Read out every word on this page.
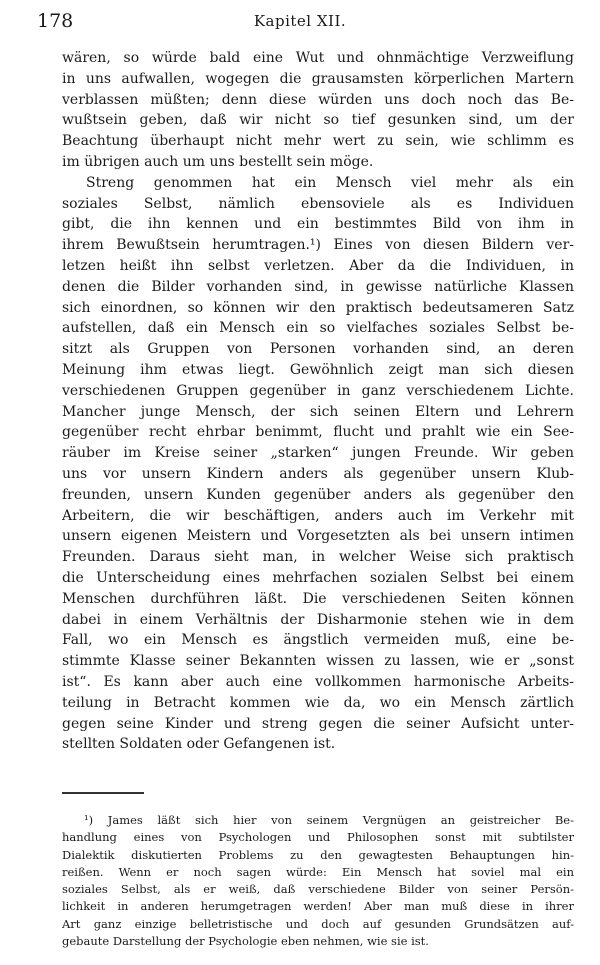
178	Kapitel XII.
wären, so würde bald eine Wut und ohnmächtige Verzweiflung
in uns aufwallen, wogegen die grausamsten körperlichen Martern
verblassen müßten; denn diese würden uns doch noch das Be-
wußtsein geben, daß wir nicht so tief gesunken sind, um der
Beachtung überhaupt nicht mehr wert zu sein, wie schlimm es
im übrigen auch um uns bestellt sein möge.
Streng genommen hat ein Mensch viel mehr als ein
soziales Selbst, nämlich ebensoviele als es Individuen
gibt, die ihn kennen und ein bestimmtes Bild von ihm in
ihrem Bewußtsein herumtragen.¹) Eines von diesen Bildern ver-
letzen heißt ihn selbst verletzen. Aber da die Individuen, in
denen die Bilder vorhanden sind, in gewisse natürliche Klassen
sich einordnen, so können wir den praktisch bedeutsameren Satz
aufstellen, daß ein Mensch ein so vielfaches soziales Selbst be-
sitzt als Gruppen von Personen vorhanden sind, an deren
Meinung ihm etwas liegt. Gewöhnlich zeigt man sich diesen
verschiedenen Gruppen gegenüber in ganz verschiedenem Lichte.
Mancher junge Mensch, der sich seinen Eltern und Lehrern
gegenüber recht ehrbar benimmt, flucht und prahlt wie ein See-
räuber im Kreise seiner „starken“ jungen Freunde. Wir geben
uns vor unsern Kindern anders als gegenüber unsern Klub-
freunden, unsern Kunden gegenüber anders als gegenüber den
Arbeitern, die wir beschäftigen, anders auch im Verkehr mit
unsern eigenen Meistern und Vorgesetzten als bei unsern intimen
Freunden. Daraus sieht man, in welcher Weise sich praktisch
die Unterscheidung eines mehrfachen sozialen Selbst bei einem
Menschen durchführen läßt. Die verschiedenen Seiten können
dabei in einem Verhältnis der Disharmonie stehen wie in dem
Fall, wo ein Mensch es ängstlich vermeiden muß, eine be-
stimmte Klasse seiner Bekannten wissen zu lassen, wie er „sonst
ist“. Es kann aber auch eine vollkommen harmonische Arbeits-
teilung in Betracht kommen wie da, wo ein Mensch zärtlich
gegen seine Kinder und streng gegen die seiner Aufsicht unter-
stellten Soldaten oder Gefangenen ist.
¹) James läßt sich hier von seinem Vergnügen an geistreicher Be-
handlung eines von Psychologen und Philosophen sonst mit subtilster
Dialektik diskutierten Problems zu den gewagtesten Behauptungen hin-
reißen. Wenn er noch sagen würde: Ein Mensch hat soviel mal ein
soziales Selbst, als er weiß, daß verschiedene Bilder von seiner Persön-
lichkeit in anderen herumgetragen werden! Aber man muß diese in ihrer
Art ganz einzige belletristische und doch auf gesunden Grundsätzen auf-
gebaute Darstellung der Psychologie eben nehmen, wie sie ist.
